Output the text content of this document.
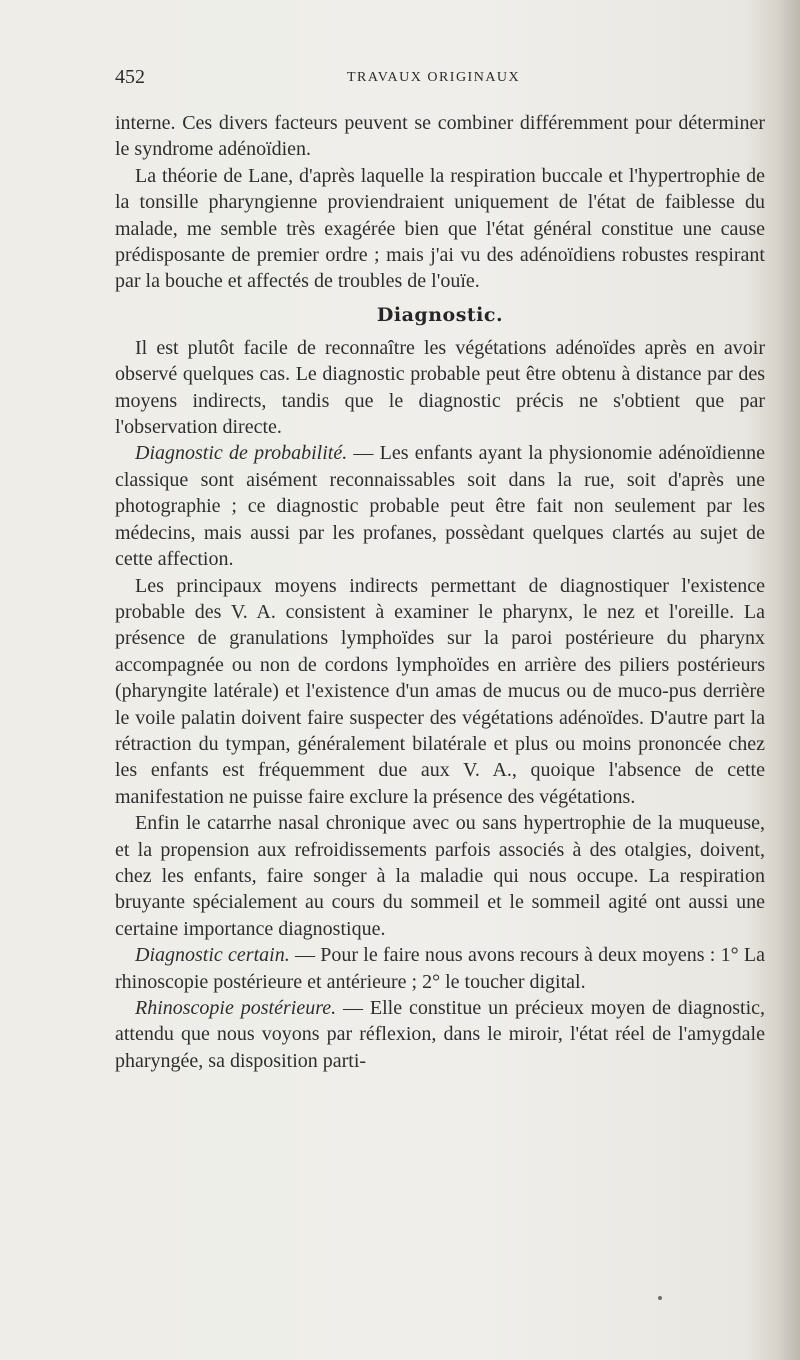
452	TRAVAUX ORIGINAUX

interne. Ces divers facteurs peuvent se combiner différemment pour déterminer le syndrome adénoïdien.

La théorie de Lane, d'après laquelle la respiration buccale et l'hypertrophie de la tonsille pharyngienne proviendraient uniquement de l'état de faiblesse du malade, me semble très exagérée bien que l'état général constitue une cause prédisposante de premier ordre ; mais j'ai vu des adénoïdiens robustes respirant par la bouche et affectés de troubles de l'ouïe.

Diagnostic.

Il est plutôt facile de reconnaître les végétations adénoïdes après en avoir observé quelques cas. Le diagnostic probable peut être obtenu à distance par des moyens indirects, tandis que le diagnostic précis ne s'obtient que par l'observation directe.

Diagnostic de probabilité. — Les enfants ayant la physionomie adénoïdienne classique sont aisément reconnaissables soit dans la rue, soit d'après une photographie ; ce diagnostic probable peut être fait non seulement par les médecins, mais aussi par les profanes, possèdant quelques clartés au sujet de cette affection.

Les principaux moyens indirects permettant de diagnostiquer l'existence probable des V. A. consistent à examiner le pharynx, le nez et l'oreille. La présence de granulations lymphoïdes sur la paroi postérieure du pharynx accompagnée ou non de cordons lymphoïdes en arrière des piliers postérieurs (pharyngite latérale) et l'existence d'un amas de mucus ou de muco-pus derrière le voile palatin doivent faire suspecter des végétations adénoïdes. D'autre part la rétraction du tympan, généralement bilatérale et plus ou moins prononcée chez les enfants est fréquemment due aux V. A., quoique l'absence de cette manifestation ne puisse faire exclure la présence des végétations.

Enfin le catarrhe nasal chronique avec ou sans hypertrophie de la muqueuse, et la propension aux refroidissements parfois associés à des otalgies, doivent, chez les enfants, faire songer à la maladie qui nous occupe. La respiration bruyante spécialement au cours du sommeil et le sommeil agité ont aussi une certaine importance diagnostique.

Diagnostic certain. — Pour le faire nous avons recours à deux moyens : 1° La rhinoscopie postérieure et antérieure ; 2° le toucher digital.

Rhinoscopie postérieure. — Elle constitue un précieux moyen de diagnostic, attendu que nous voyons par réflexion, dans le miroir, l'état réel de l'amygdale pharyngée, sa disposition parti-
